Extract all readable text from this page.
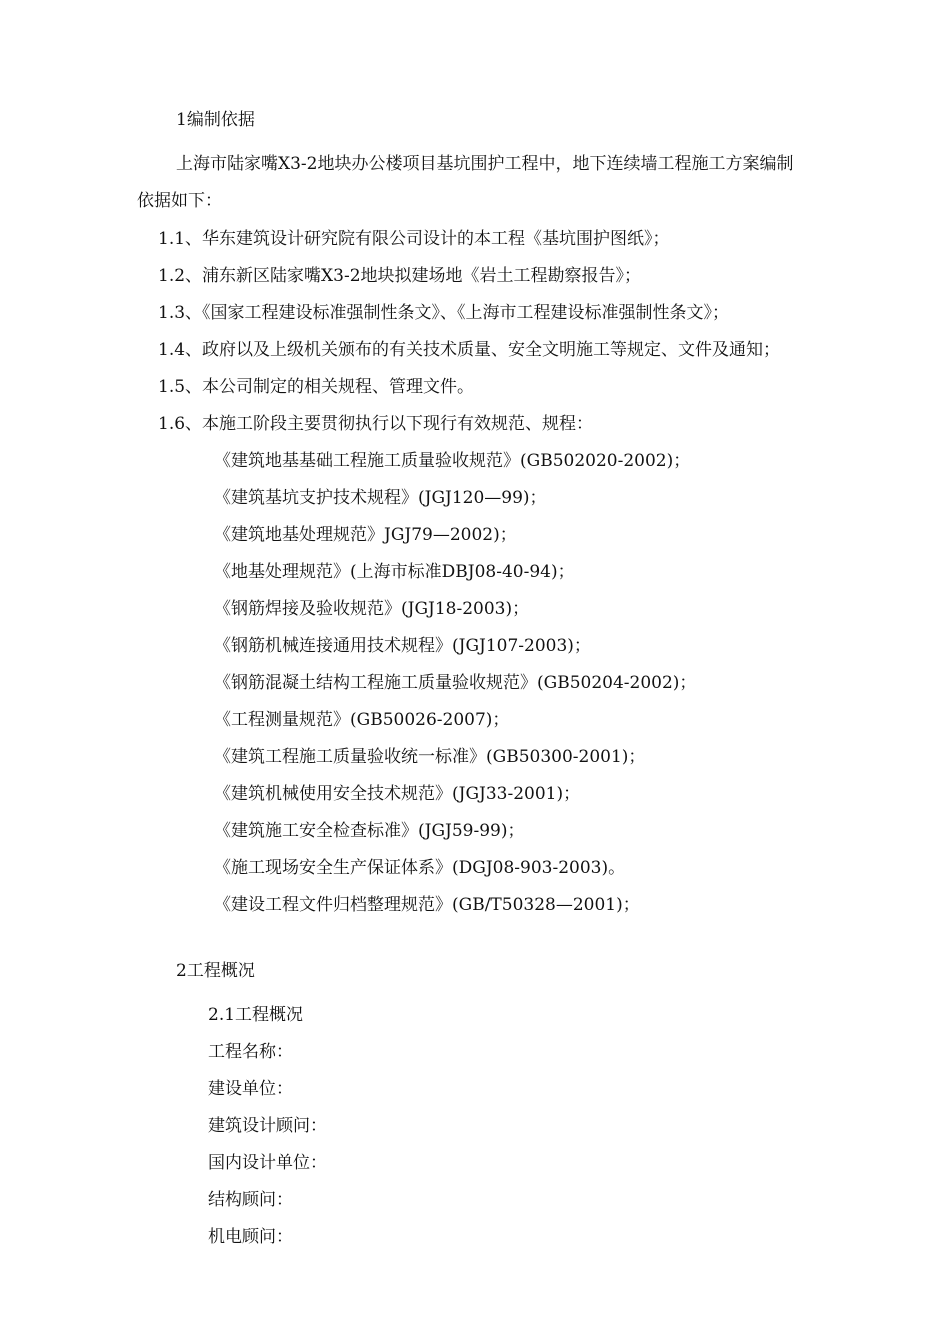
1编制依据
上海市陆家嘴X3-2地块办公楼项目基坑围护工程中，地下连续墙工程施工方案编制
依据如下：
1.1、华东建筑设计研究院有限公司设计的本工程《基坑围护图纸》；
1.2、浦东新区陆家嘴X3-2地块拟建场地《岩土工程勘察报告》；
1.3、《国家工程建设标准强制性条文》、《上海市工程建设标准强制性条文》；
1.4、政府以及上级机关颁布的有关技术质量、安全文明施工等规定、文件及通知；
1.5、本公司制定的相关规程、管理文件。
1.6、本施工阶段主要贯彻执行以下现行有效规范、规程：
《建筑地基基础工程施工质量验收规范》(GB502020-2002)；
《建筑基坑支护技术规程》(JGJ120—99)；
《建筑地基处理规范》JGJ79—2002)；
《地基处理规范》(上海市标准DBJ08-40-94)；
《钢筋焊接及验收规范》(JGJ18-2003)；
《钢筋机械连接通用技术规程》(JGJ107-2003)；
《钢筋混凝土结构工程施工质量验收规范》(GB50204-2002)；
《工程测量规范》(GB50026-2007)；
《建筑工程施工质量验收统一标准》(GB50300-2001)；
《建筑机械使用安全技术规范》(JGJ33-2001)；
《建筑施工安全检查标准》(JGJ59-99)；
《施工现场安全生产保证体系》(DGJ08-903-2003)。
《建设工程文件归档整理规范》(GB/T50328—2001)；
2工程概况
2.1工程概况
工程名称：
建设单位：
建筑设计顾问：
国内设计单位：
结构顾问：
机电顾问：
